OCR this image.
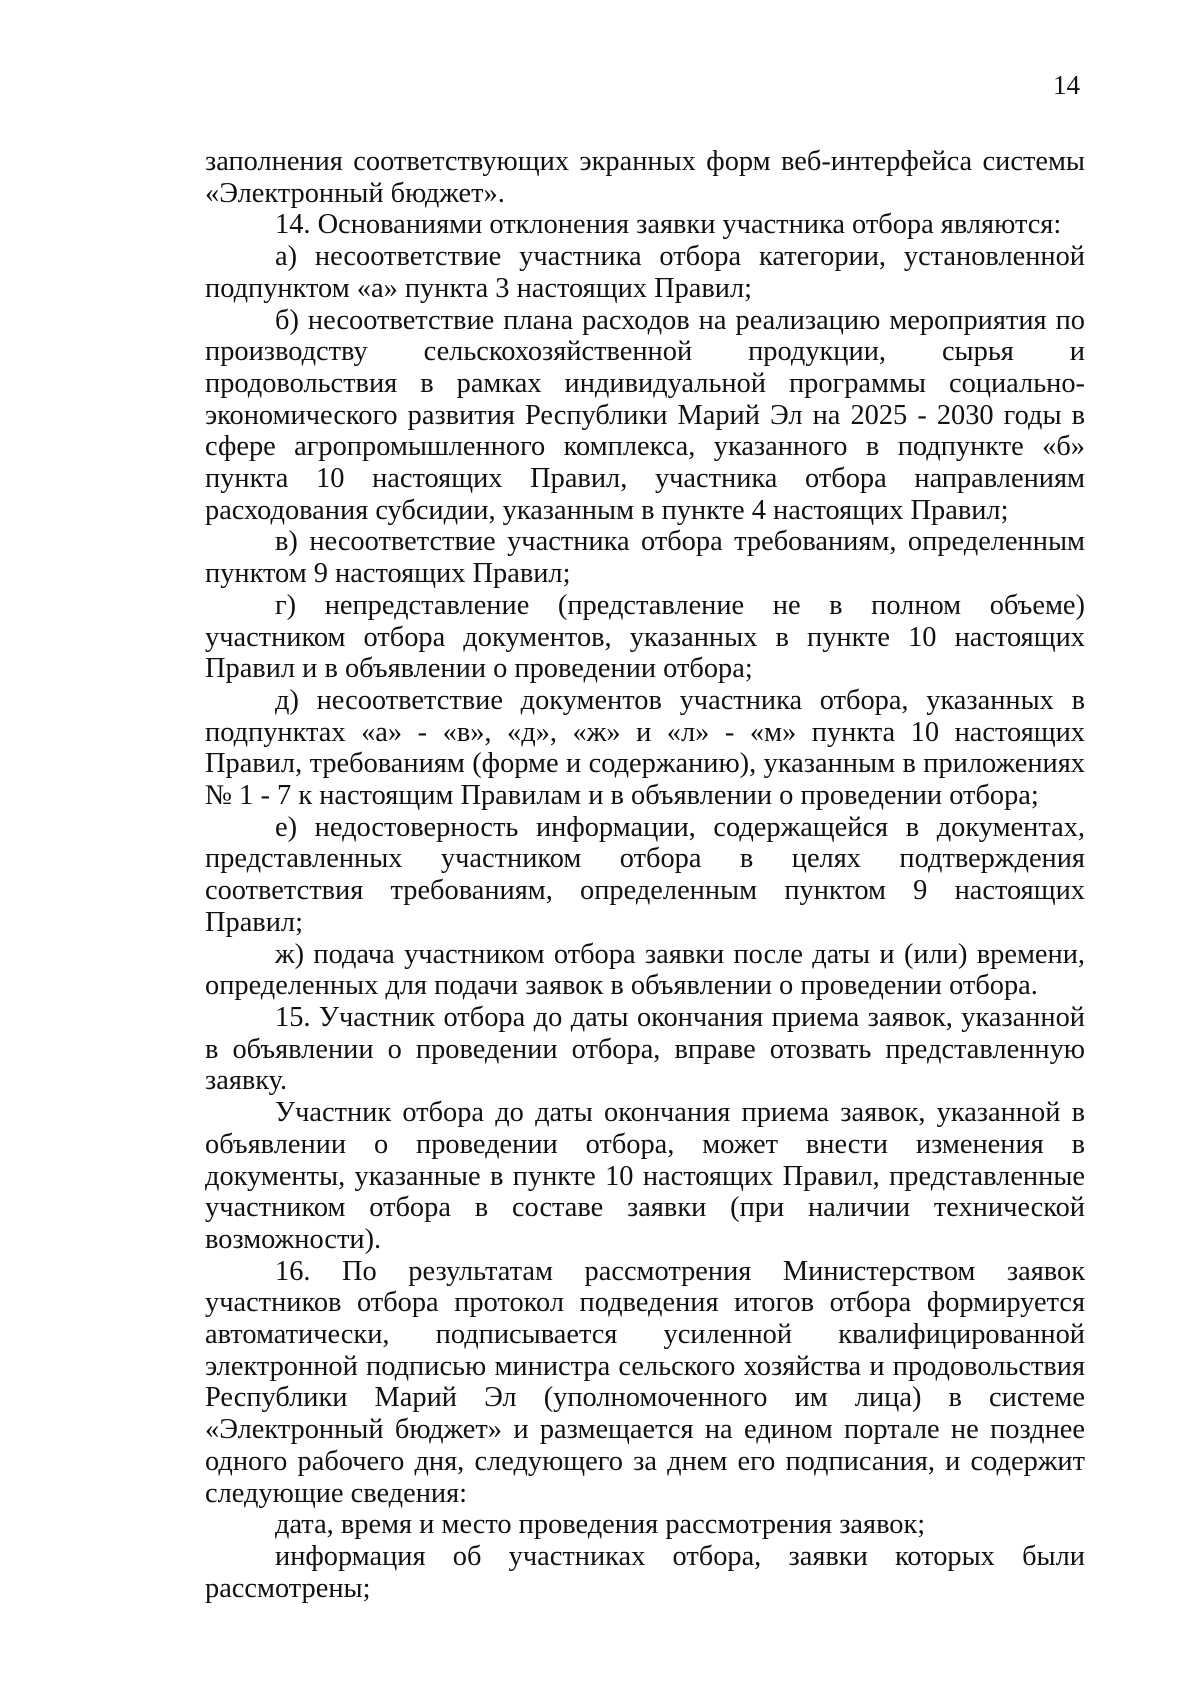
14

заполнения соответствующих экранных форм веб-интерфейса системы «Электронный бюджет».

14. Основаниями отклонения заявки участника отбора являются:

а) несоответствие участника отбора категории, установленной подпунктом «а» пункта 3 настоящих Правил;

б) несоответствие плана расходов на реализацию мероприятия по производству сельскохозяйственной продукции, сырья и продовольствия в рамках индивидуальной программы социально-экономического развития Республики Марий Эл на 2025 - 2030 годы в сфере агропромышленного комплекса, указанного в подпункте «б» пункта 10 настоящих Правил, участника отбора направлениям расходования субсидии, указанным в пункте 4 настоящих Правил;

в) несоответствие участника отбора требованиям, определенным пунктом 9 настоящих Правил;

г) непредставление (представление не в полном объеме) участником отбора документов, указанных в пункте 10 настоящих Правил и в объявлении о проведении отбора;

д) несоответствие документов участника отбора, указанных в подпунктах «а» - «в», «д», «ж» и «л» - «м» пункта 10 настоящих Правил, требованиям (форме и содержанию), указанным в приложениях № 1 - 7 к настоящим Правилам и в объявлении о проведении отбора;

е) недостоверность информации, содержащейся в документах, представленных участником отбора в целях подтверждения соответствия требованиям, определенным пунктом 9 настоящих Правил;

ж) подача участником отбора заявки после даты и (или) времени, определенных для подачи заявок в объявлении о проведении отбора.

15. Участник отбора до даты окончания приема заявок, указанной в объявлении о проведении отбора, вправе отозвать представленную заявку.

Участник отбора до даты окончания приема заявок, указанной в объявлении о проведении отбора, может внести изменения в документы, указанные в пункте 10 настоящих Правил, представленные участником отбора в составе заявки (при наличии технической возможности).

16. По результатам рассмотрения Министерством заявок участников отбора протокол подведения итогов отбора формируется автоматически, подписывается усиленной квалифицированной электронной подписью министра сельского хозяйства и продовольствия Республики Марий Эл (уполномоченного им лица) в системе «Электронный бюджет» и размещается на едином портале не позднее одного рабочего дня, следующего за днем его подписания, и содержит следующие сведения:

дата, время и место проведения рассмотрения заявок;

информация об участниках отбора, заявки которых были рассмотрены;
